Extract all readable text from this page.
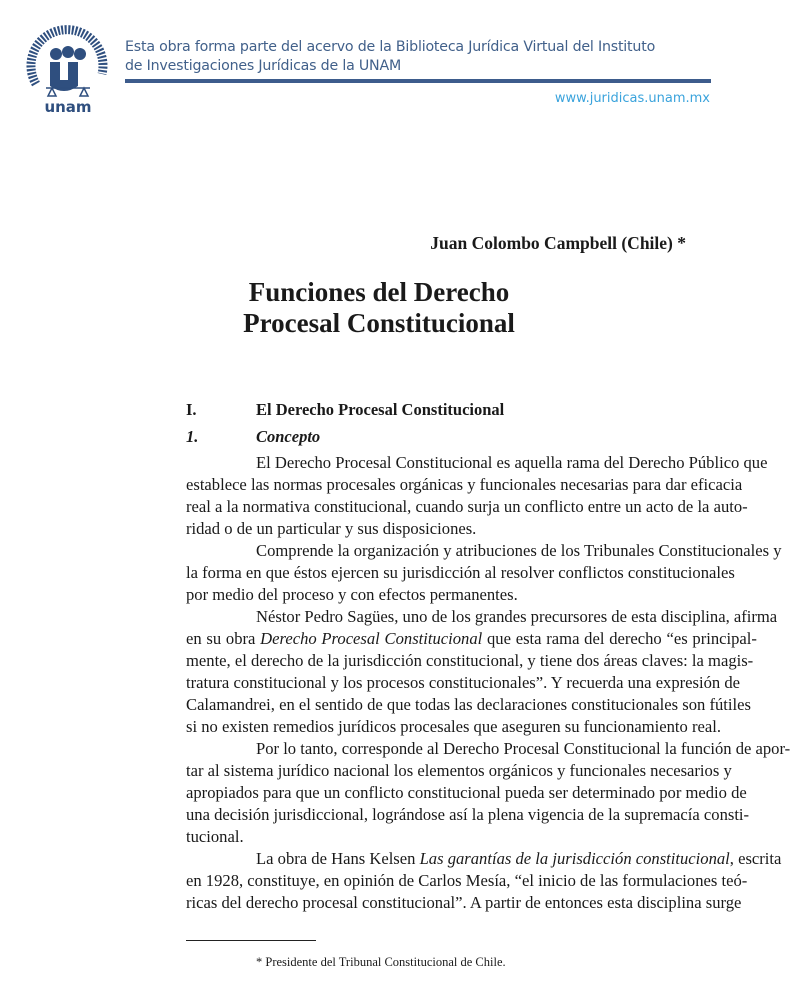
unam
Esta obra forma parte del acervo de la Biblioteca Jurídica Virtual del Instituto
de Investigaciones Jurídicas de la UNAM
www.juridicas.unam.mx
Juan Colombo Campbell (Chile) *
Funciones del Derecho
Procesal Constitucional
I.	El Derecho Procesal Constitucional
1.	Concepto
El Derecho Procesal Constitucional es aquella rama del Derecho Público que
establece las normas procesales orgánicas y funcionales necesarias para dar eficacia
real a la normativa constitucional, cuando surja un conflicto entre un acto de la auto-
ridad o de un particular y sus disposiciones.
Comprende la organización y atribuciones de los Tribunales Constitucionales y
la forma en que éstos ejercen su jurisdicción al resolver conflictos constitucionales
por medio del proceso y con efectos permanentes.
Néstor Pedro Sagües, uno de los grandes precursores de esta disciplina, afirma
en su obra Derecho Procesal Constitucional que esta rama del derecho “es principal-
mente, el derecho de la jurisdicción constitucional, y tiene dos áreas claves: la magis-
tratura constitucional y los procesos constitucionales”. Y recuerda una expresión de
Calamandrei, en el sentido de que todas las declaraciones constitucionales son fútiles
si no existen remedios jurídicos procesales que aseguren su funcionamiento real.
Por lo tanto, corresponde al Derecho Procesal Constitucional la función de apor-
tar al sistema jurídico nacional los elementos orgánicos y funcionales necesarios y
apropiados para que un conflicto constitucional pueda ser determinado por medio de
una decisión jurisdiccional, lográndose así la plena vigencia de la supremacía consti-
tucional.
La obra de Hans Kelsen Las garantías de la jurisdicción constitucional, escrita
en 1928, constituye, en opinión de Carlos Mesía, “el inicio de las formulaciones teó-
ricas del derecho procesal constitucional”. A partir de entonces esta disciplina surge
* Presidente del Tribunal Constitucional de Chile.
